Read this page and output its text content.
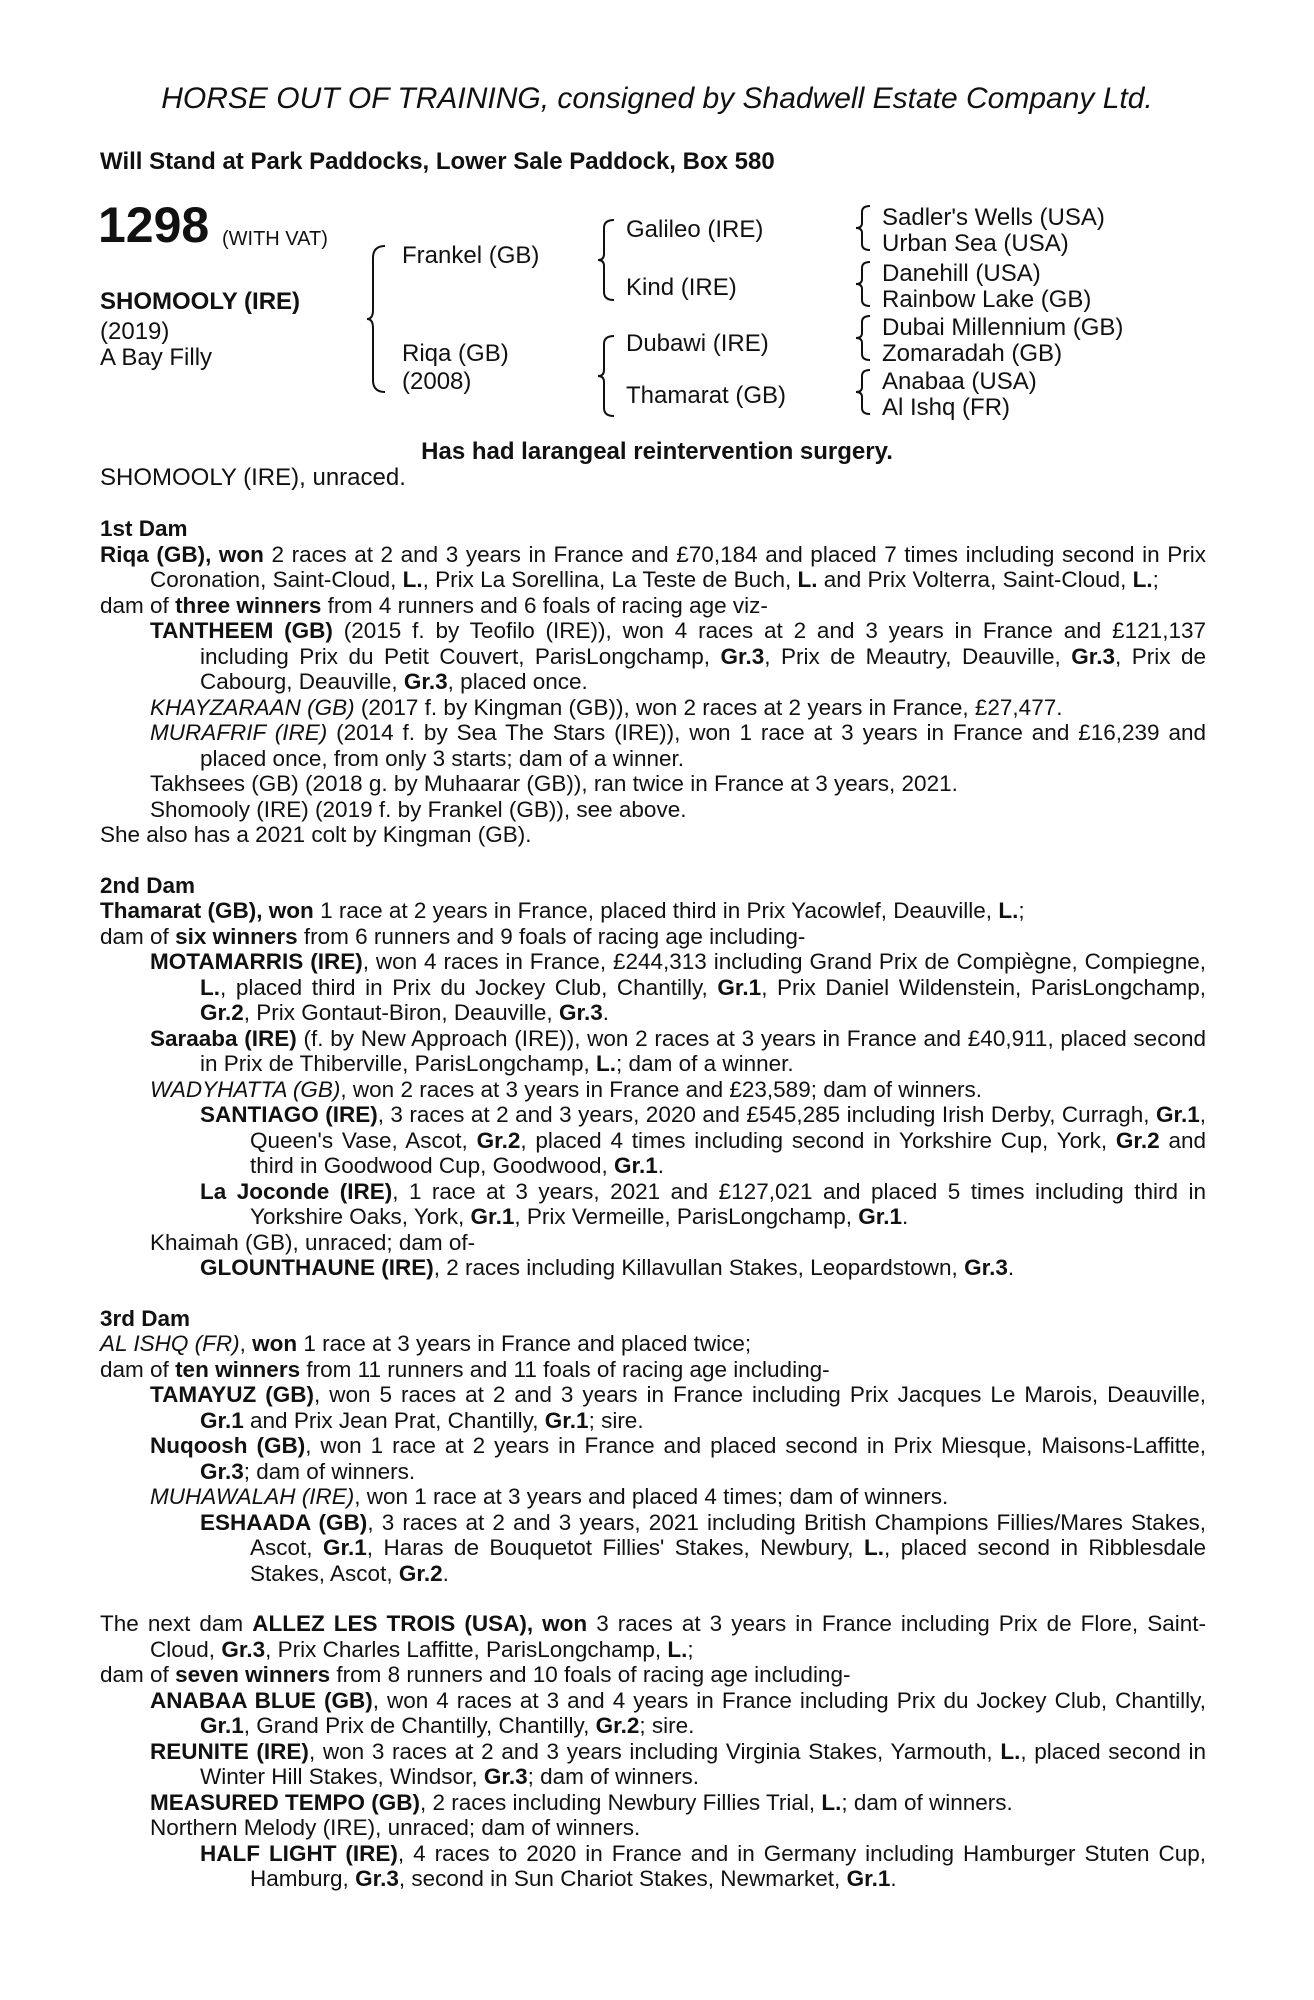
HORSE OUT OF TRAINING, consigned by Shadwell Estate Company Ltd.
Will Stand at Park Paddocks, Lower Sale Paddock, Box 580
1298 (WITH VAT)
SHOMOOLY (IRE)
(2019)
A Bay Filly
Frankel (GB)
Riqa (GB)
(2008)
Galileo (IRE)
Kind (IRE)
Dubawi (IRE)
Thamarat (GB)
Sadler's Wells (USA)
Urban Sea (USA)
Danehill (USA)
Rainbow Lake (GB)
Dubai Millennium (GB)
Zomaradah (GB)
Anabaa (USA)
Al Ishq (FR)
Has had larangeal reintervention surgery.
SHOMOOLY (IRE), unraced.

1st Dam

Riqa (GB), won 2 races at 2 and 3 years in France and £70,184 and placed 7 times including second in Prix Coronation, Saint-Cloud, L., Prix La Sorellina, La Teste de Buch, L. and Prix Volterra, Saint-Cloud, L.;

dam of three winners from 4 runners and 6 foals of racing age viz-

TANTHEEM (GB) (2015 f. by Teofilo (IRE)), won 4 races at 2 and 3 years in France and £121,137 including Prix du Petit Couvert, ParisLongchamp, Gr.3, Prix de Meautry, Deauville, Gr.3, Prix de Cabourg, Deauville, Gr.3, placed once.

KHAYZARAAN (GB) (2017 f. by Kingman (GB)), won 2 races at 2 years in France, £27,477.

MURAFRIF (IRE) (2014 f. by Sea The Stars (IRE)), won 1 race at 3 years in France and £16,239 and placed once, from only 3 starts; dam of a winner.

Takhsees (GB) (2018 g. by Muhaarar (GB)), ran twice in France at 3 years, 2021.

Shomooly (IRE) (2019 f. by Frankel (GB)), see above.

She also has a 2021 colt by Kingman (GB).

2nd Dam

Thamarat (GB), won 1 race at 2 years in France, placed third in Prix Yacowlef, Deauville, L.;

dam of six winners from 6 runners and 9 foals of racing age including-

MOTAMARRIS (IRE), won 4 races in France, £244,313 including Grand Prix de Compiègne, Compiegne, L., placed third in Prix du Jockey Club, Chantilly, Gr.1, Prix Daniel Wildenstein, ParisLongchamp, Gr.2, Prix Gontaut-Biron, Deauville, Gr.3.

Saraaba (IRE) (f. by New Approach (IRE)), won 2 races at 3 years in France and £40,911, placed second in Prix de Thiberville, ParisLongchamp, L.; dam of a winner.

WADYHATTA (GB), won 2 races at 3 years in France and £23,589; dam of winners.

SANTIAGO (IRE), 3 races at 2 and 3 years, 2020 and £545,285 including Irish Derby, Curragh, Gr.1, Queen's Vase, Ascot, Gr.2, placed 4 times including second in Yorkshire Cup, York, Gr.2 and third in Goodwood Cup, Goodwood, Gr.1.

La Joconde (IRE), 1 race at 3 years, 2021 and £127,021 and placed 5 times including third in Yorkshire Oaks, York, Gr.1, Prix Vermeille, ParisLongchamp, Gr.1.

Khaimah (GB), unraced; dam of-

GLOUNTHAUNE (IRE), 2 races including Killavullan Stakes, Leopardstown, Gr.3.

3rd Dam

AL ISHQ (FR), won 1 race at 3 years in France and placed twice;

dam of ten winners from 11 runners and 11 foals of racing age including-

TAMAYUZ (GB), won 5 races at 2 and 3 years in France including Prix Jacques Le Marois, Deauville, Gr.1 and Prix Jean Prat, Chantilly, Gr.1; sire.

Nuqoosh (GB), won 1 race at 2 years in France and placed second in Prix Miesque, Maisons-Laffitte, Gr.3; dam of winners.

MUHAWALAH (IRE), won 1 race at 3 years and placed 4 times; dam of winners.

ESHAADA (GB), 3 races at 2 and 3 years, 2021 including British Champions Fillies/Mares Stakes, Ascot, Gr.1, Haras de Bouquetot Fillies' Stakes, Newbury, L., placed second in Ribblesdale Stakes, Ascot, Gr.2.

The next dam ALLEZ LES TROIS (USA), won 3 races at 3 years in France including Prix de Flore, Saint-Cloud, Gr.3, Prix Charles Laffitte, ParisLongchamp, L.;

dam of seven winners from 8 runners and 10 foals of racing age including-

ANABAA BLUE (GB), won 4 races at 3 and 4 years in France including Prix du Jockey Club, Chantilly, Gr.1, Grand Prix de Chantilly, Chantilly, Gr.2; sire.

REUNITE (IRE), won 3 races at 2 and 3 years including Virginia Stakes, Yarmouth, L., placed second in Winter Hill Stakes, Windsor, Gr.3; dam of winners.

MEASURED TEMPO (GB), 2 races including Newbury Fillies Trial, L.; dam of winners.

Northern Melody (IRE), unraced; dam of winners.

HALF LIGHT (IRE), 4 races to 2020 in France and in Germany including Hamburger Stuten Cup, Hamburg, Gr.3, second in Sun Chariot Stakes, Newmarket, Gr.1.
